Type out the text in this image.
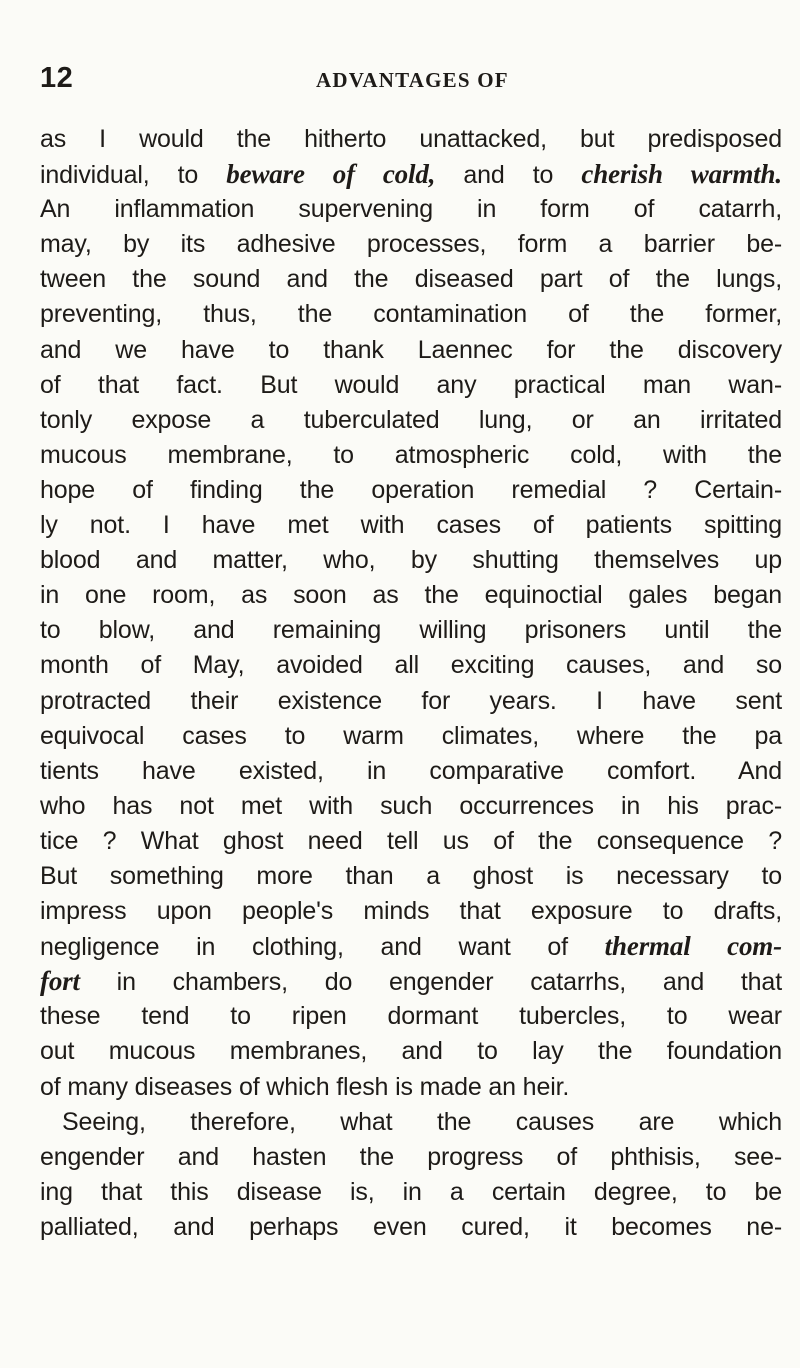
12	ADVANTAGES OF
as I would the hitherto unattacked, but predisposed
individual, to beware of cold, and to cherish warmth.
An inflammation supervening in form of catarrh,
may, by its adhesive processes, form a barrier be-
tween the sound and the diseased part of the lungs,
preventing, thus, the contamination of the former,
and we have to thank Laennec for the discovery
of that fact. But would any practical man wan-
tonly expose a tuberculated lung, or an irritated
mucous membrane, to atmospheric cold, with the
hope of finding the operation remedial ? Certain-
ly not. I have met with cases of patients spitting
blood and matter, who, by shutting themselves up
in one room, as soon as the equinoctial gales began
to blow, and remaining willing prisoners until the
month of May, avoided all exciting causes, and so
protracted their existence for years. I have sent
equivocal cases to warm climates, where the pa
tients have existed, in comparative comfort. And
who has not met with such occurrences in his prac-
tice ? What ghost need tell us of the consequence ?
But something more than a ghost is necessary to
impress upon people's minds that exposure to drafts,
negligence in clothing, and want of thermal com-
fort in chambers, do engender catarrhs, and that
these tend to ripen dormant tubercles, to wear
out mucous membranes, and to lay the foundation
of many diseases of which flesh is made an heir.
Seeing, therefore, what the causes are which
engender and hasten the progress of phthisis, see-
ing that this disease is, in a certain degree, to be
palliated, and perhaps even cured, it becomes ne-
